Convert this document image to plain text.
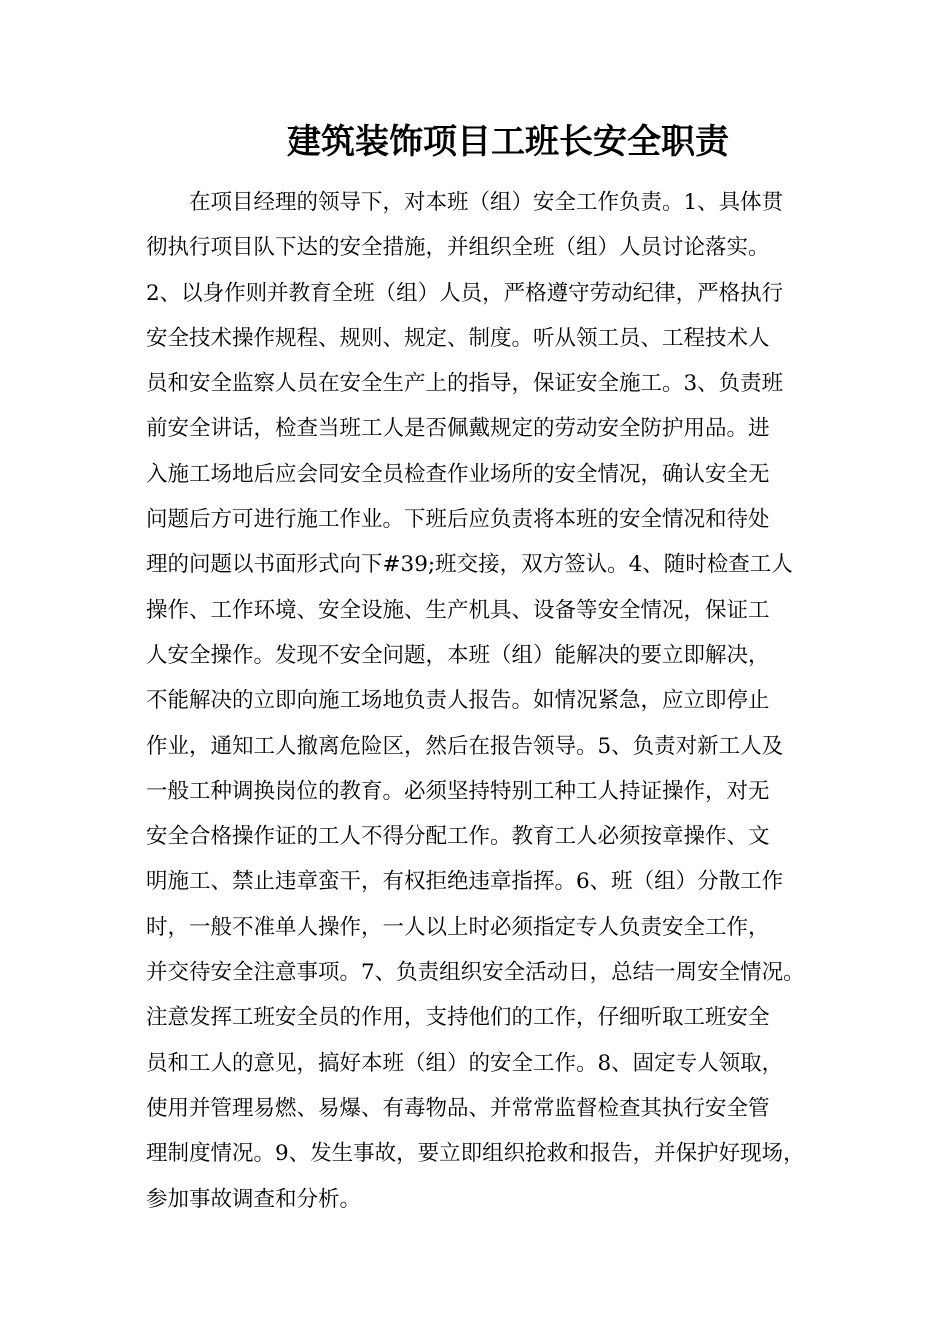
建筑装饰项目工班长安全职责
在项目经理的领导下，对本班（组）安全工作负责。1、具体贯
彻执行项目队下达的安全措施，并组织全班（组）人员讨论落实。
2、以身作则并教育全班（组）人员，严格遵守劳动纪律，严格执行
安全技术操作规程、规则、规定、制度。听从领工员、工程技术人
员和安全监察人员在安全生产上的指导，保证安全施工。3、负责班
前安全讲话，检查当班工人是否佩戴规定的劳动安全防护用品。进
入施工场地后应会同安全员检查作业场所的安全情况，确认安全无
问题后方可进行施工作业。下班后应负责将本班的安全情况和待处
理的问题以书面形式向下#39;班交接，双方签认。4、随时检查工人
操作、工作环境、安全设施、生产机具、设备等安全情况，保证工
人安全操作。发现不安全问题，本班（组）能解决的要立即解决，
不能解决的立即向施工场地负责人报告。如情况紧急，应立即停止
作业，通知工人撤离危险区，然后在报告领导。5、负责对新工人及
一般工种调换岗位的教育。必须坚持特别工种工人持证操作，对无
安全合格操作证的工人不得分配工作。教育工人必须按章操作、文
明施工、禁止违章蛮干，有权拒绝违章指挥。6、班（组）分散工作
时，一般不准单人操作，一人以上时必须指定专人负责安全工作，
并交待安全注意事项。7、负责组织安全活动日，总结一周安全情况。
注意发挥工班安全员的作用，支持他们的工作，仔细听取工班安全
员和工人的意见，搞好本班（组）的安全工作。8、固定专人领取，
使用并管理易燃、易爆、有毒物品、并常常监督检查其执行安全管
理制度情况。9、发生事故，要立即组织抢救和报告，并保护好现场，
参加事故调查和分析。
